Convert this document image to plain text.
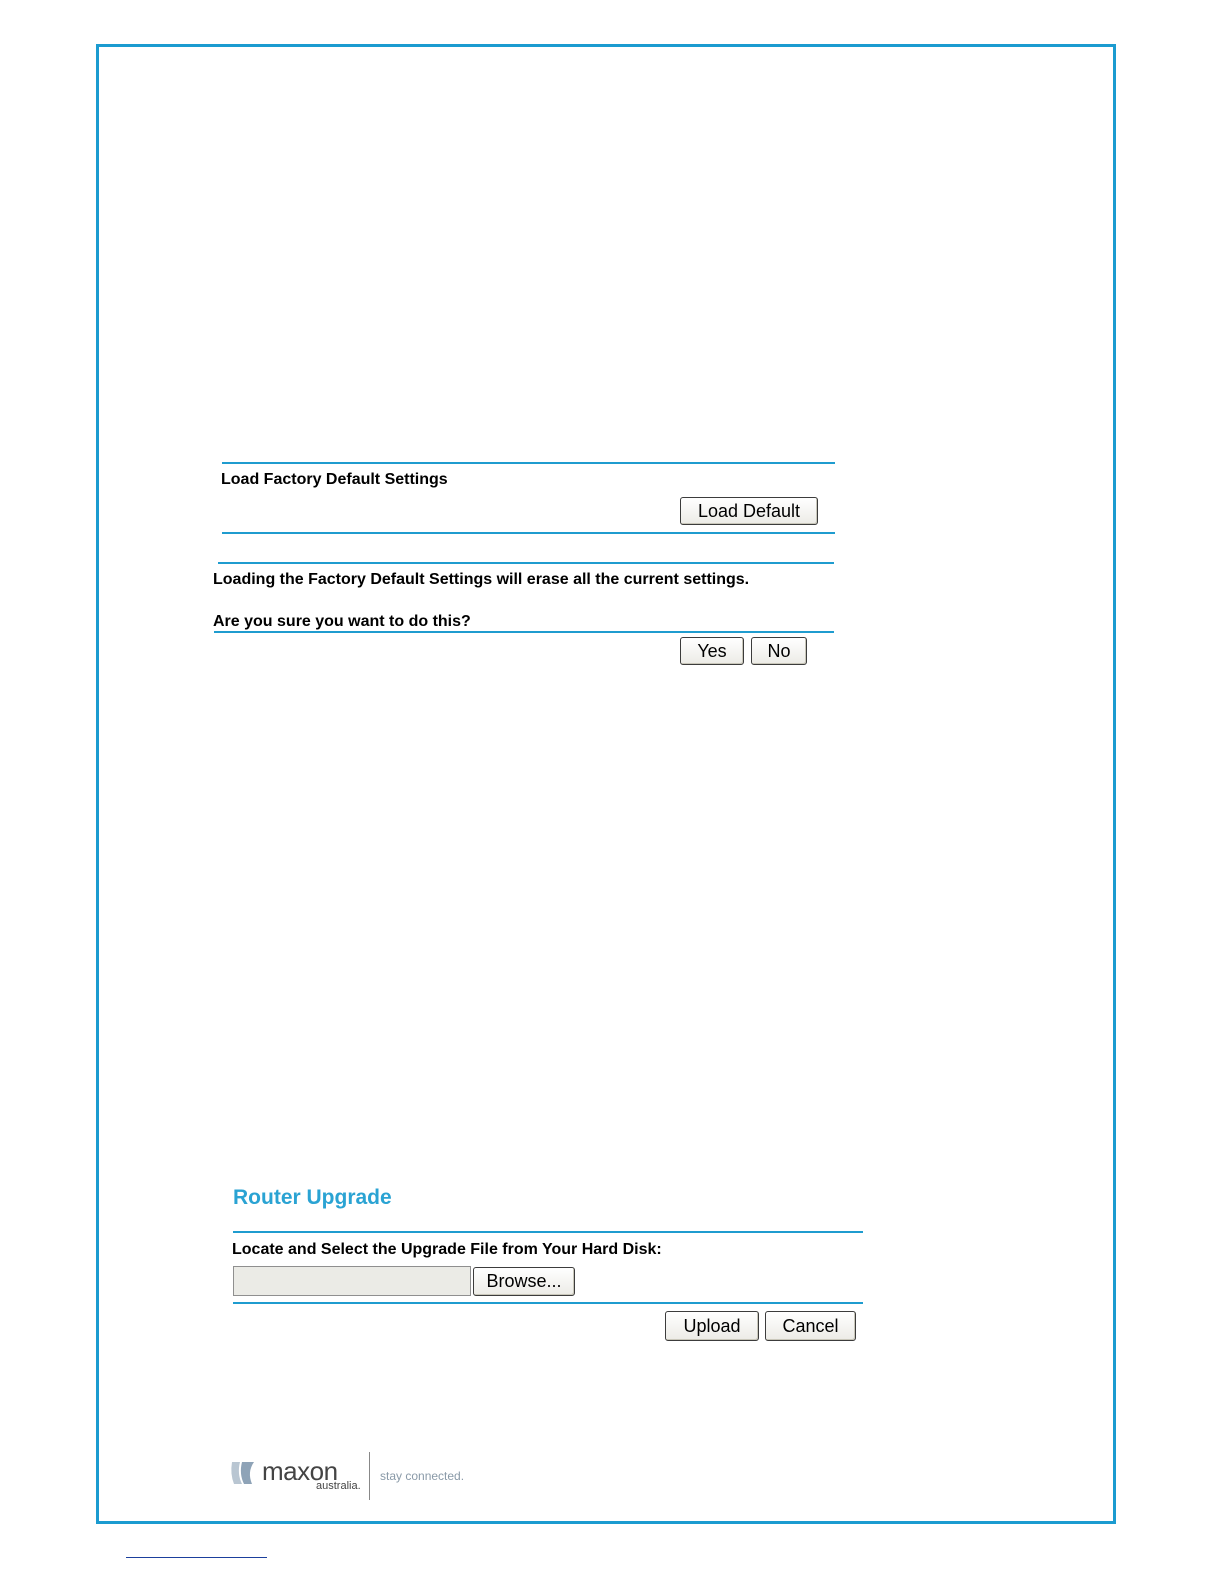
Load Factory Default Settings
Load Default
Loading the Factory Default Settings will erase all the current settings.
Are you sure you want to do this?
Yes	No
Router Upgrade
Locate and Select the Upgrade File from Your Hard Disk:
Browse...
Upload	Cancel
maxon
australia.
stay connected.
